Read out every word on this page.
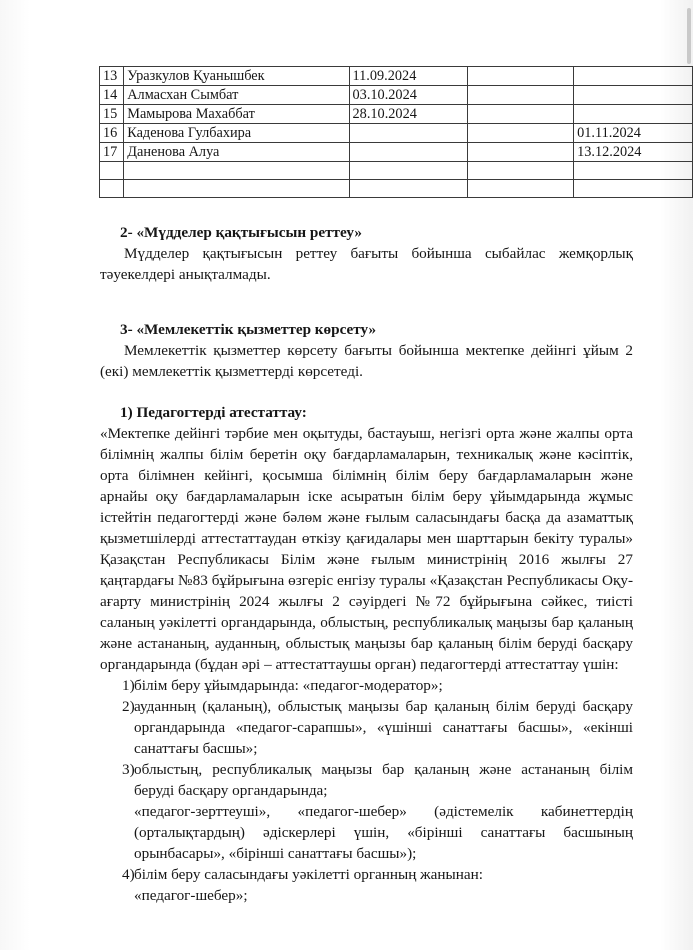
13	Уразкулов Қуанышбек	11.09.2024		
14	Алмасхан Сымбат	03.10.2024		
15	Мамырова Махаббат	28.10.2024		
16	Каденова Гулбахира			01.11.2024
17	Даненова Алуа			13.12.2024

2- «Мүдделер қақтығысын реттеу»

Мүдделер қақтығысын реттеу бағыты бойынша сыбайлас жемқорлық тәуекелдері анықталмады.

3- «Мемлекеттік қызметтер көрсету»

Мемлекеттік қызметтер көрсету бағыты бойынша мектепке дейінгі ұйым 2 (екі) мемлекеттік қызметтерді көрсетеді.

1) Педагогтерді атестаттау:

«Мектепке дейінгі тәрбие мен оқытуды, бастауыш, негізгі орта және жалпы орта білімнің жалпы білім беретін оқу бағдарламаларын, техникалық және кәсіптік, орта білімнен кейінгі, қосымша білімнің білім беру бағдарламаларын және арнайы оқу бағдарламаларын іске асыратын білім беру ұйымдарында жұмыс істейтін педагогтерді және бәлөм және ғылым саласындағы басқа да азаматтық қызметшілерді аттестаттаудан өткізу қағидалары мен шарттарын бекіту туралы» Қазақстан Республикасы Білім және ғылым министрінің 2016 жылғы 27 қаңтардағы №83 бұйрығына өзгеріс енгізу туралы «Қазақстан Республикасы Оқу-ағарту министрінің 2024 жылғы 2 сәуірдегі №72 бұйрығына сәйкес, тиісті саланың уәкілетті органдарында, облыстың, республикалық маңызы бар қаланың және астананың, ауданның, облыстық маңызы бар қаланың білім беруді басқару органдарында (бұдан әрі – аттестаттаушы орган) педагогтерді аттестаттау үшін:

1) білім беру ұйымдарында: «педагог-модератор»;

2) ауданның (қаланың), облыстық маңызы бар қаланың білім беруді басқару органдарында «педагог-сарапшы», «үшінші санаттағы басшы», «екінші санаттағы басшы»;

3) облыстың, республикалық маңызы бар қаланың және астананың білім беруді басқару органдарында;

«педагог-зерттеуші», «педагог-шебер» (әдістемелік кабинеттердің (орталықтардың) әдіскерлері үшін, «бірінші санаттағы басшының орынбасары», «бірінші санаттағы басшы»);

4) білім беру саласындағы уәкілетті органның жанынан:

«педагог-шебер»;
